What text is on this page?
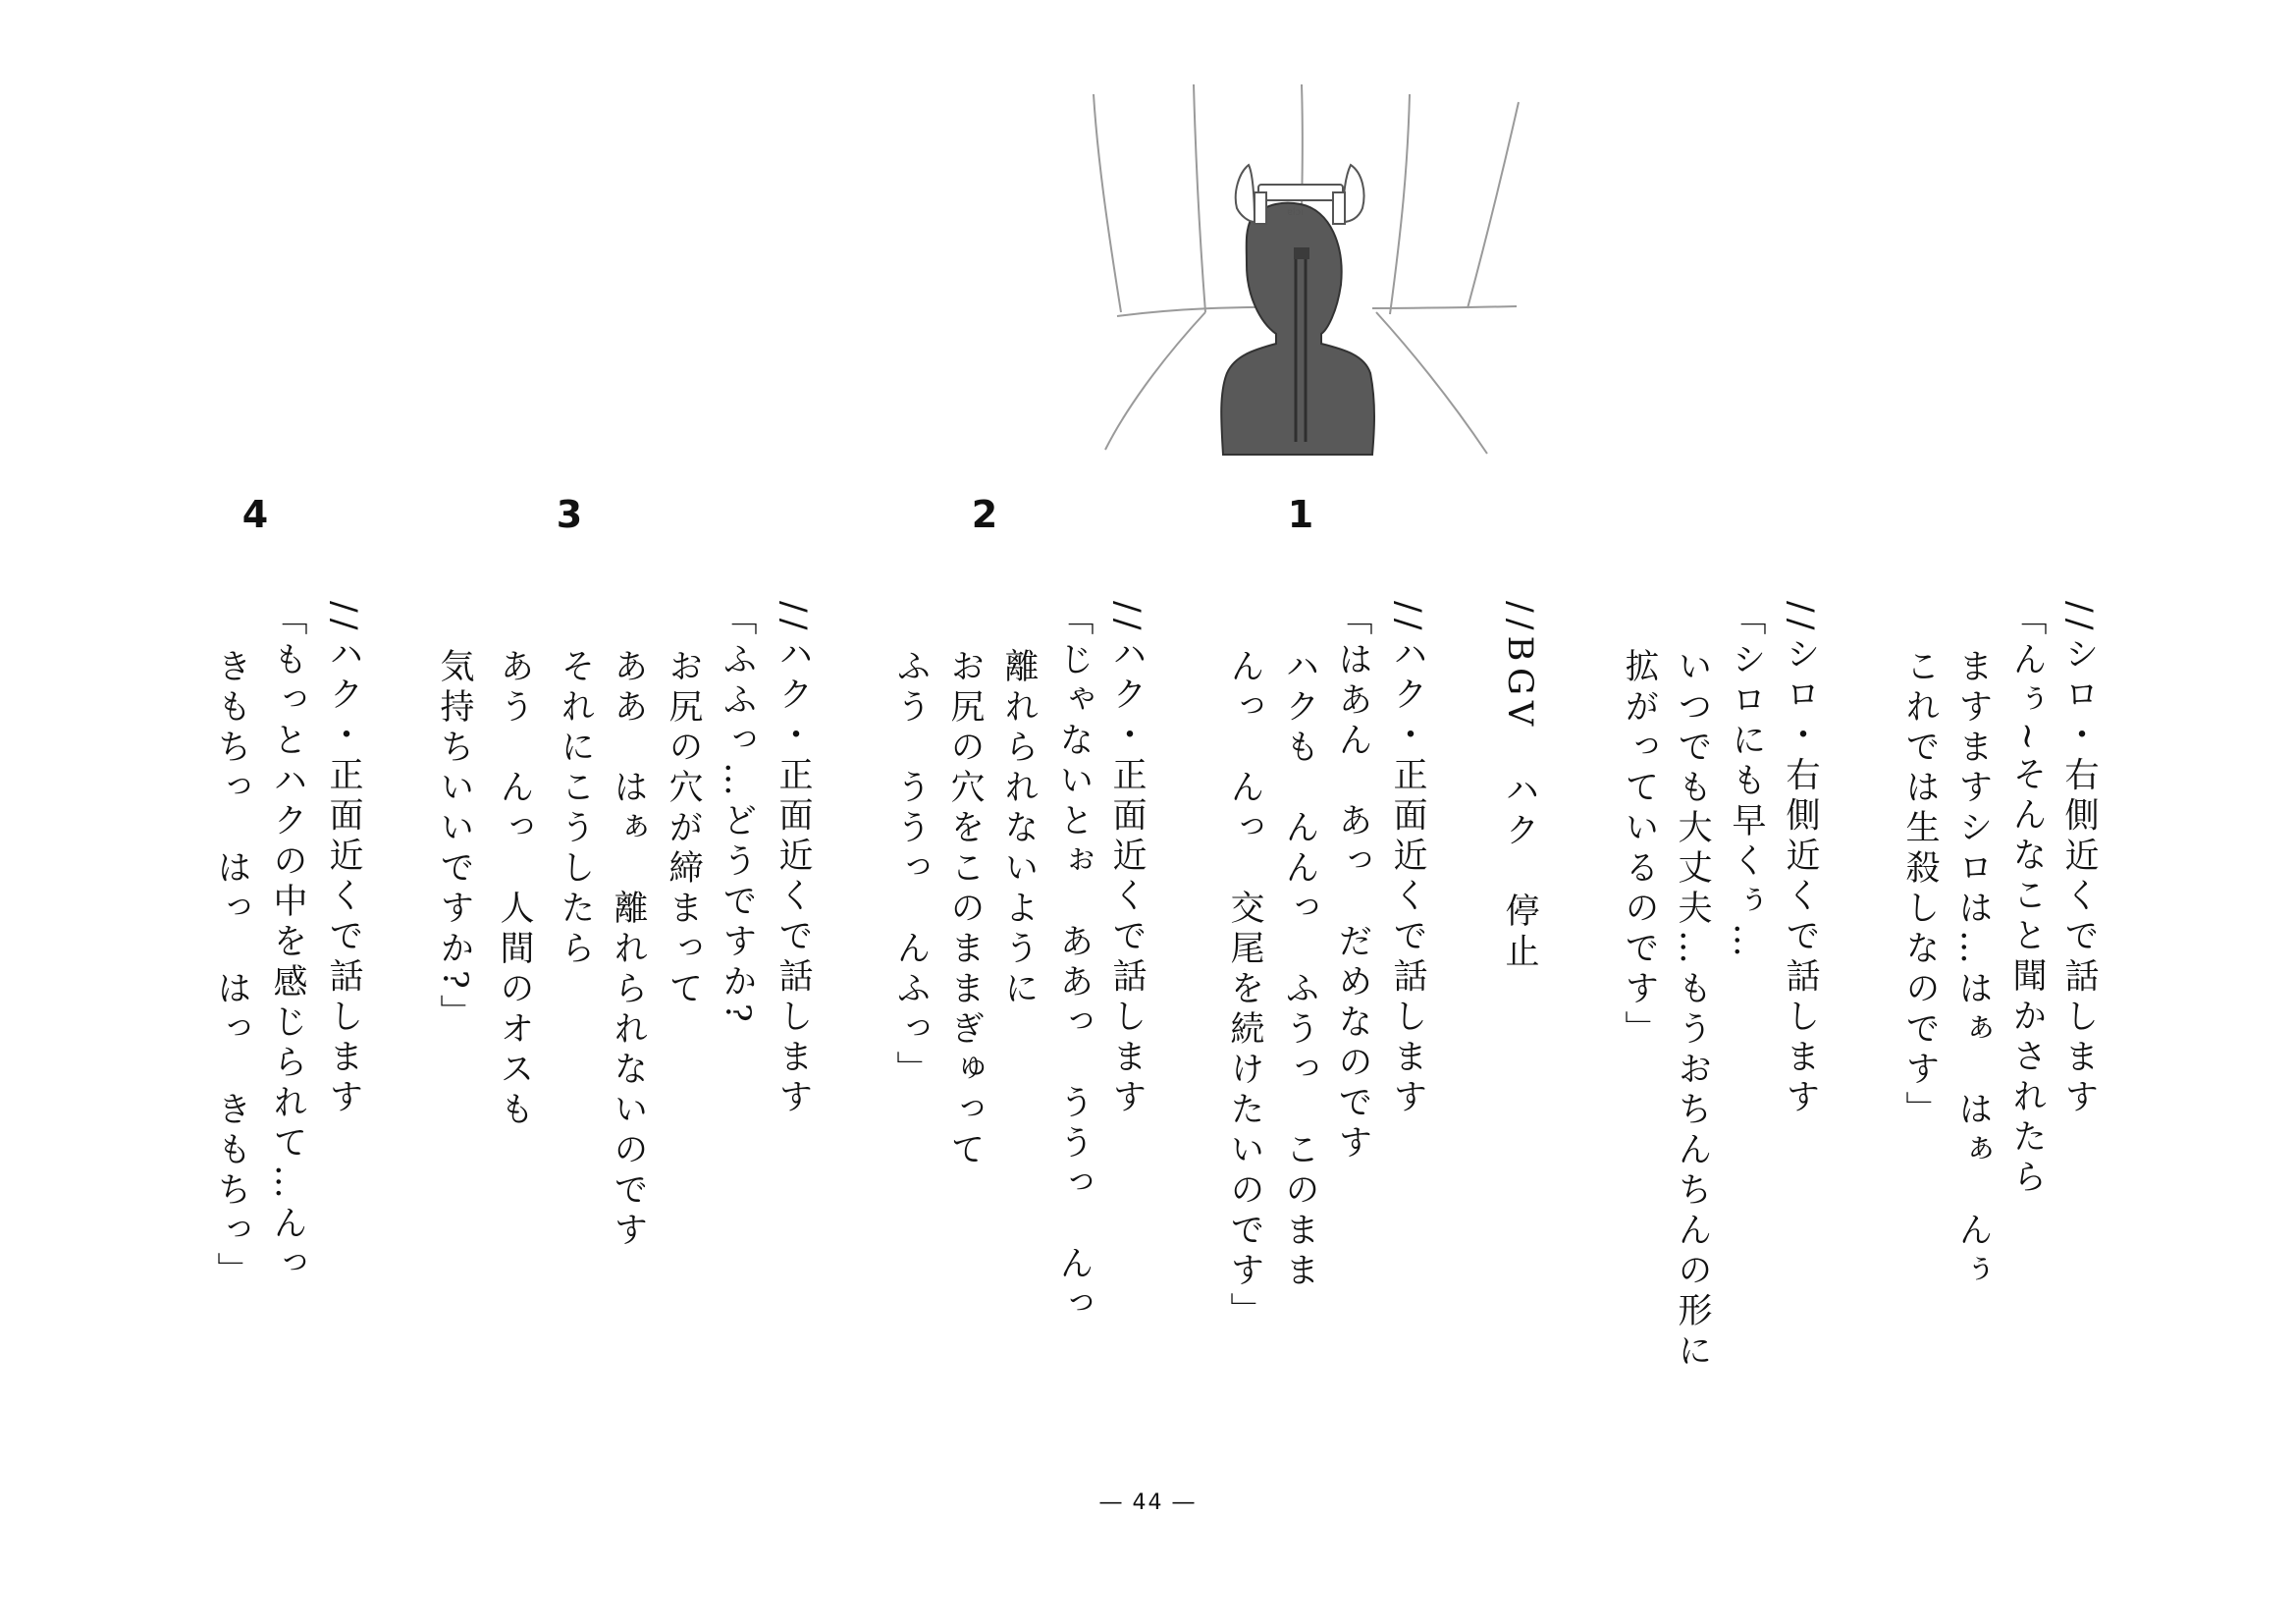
ɐlɔı
1
2
3
4
//シロ・右側近くで話します
「んぅ~そんなこと聞かされたら
ますますシロは…はぁ　はぁ　んぅ
これでは生殺しなのです」
//シロ・右側近くで話します
「シロにも早くぅ…
いつでも大丈夫…もうおちんちんの形に
拡がっているのです」
//BGV　ハク　停止
//ハク・正面近くで話します
「はあん　あっ　だめなのです
ハクも　んんっ　ふうっ　このまま
んっ　んっ　交尾を続けたいのです」
//ハク・正面近くで話します
「じゃないとぉ　ああっ　ううっ　んっ
離れられないように
お尻の穴をこのままぎゅって
ふう　ううっ　んふっ」
//ハク・正面近くで話します
「ふふっ…どうですか?
お尻の穴が締まって
ああ　はぁ　離れられないのです
それにこうしたら
あう　んっ　人間のオスも
気持ちいいですか?」
//ハク・正面近くで話します
「もっとハクの中を感じられて…んっ
きもちっ　はっ　はっ　きもちっ」
― 44 ―
